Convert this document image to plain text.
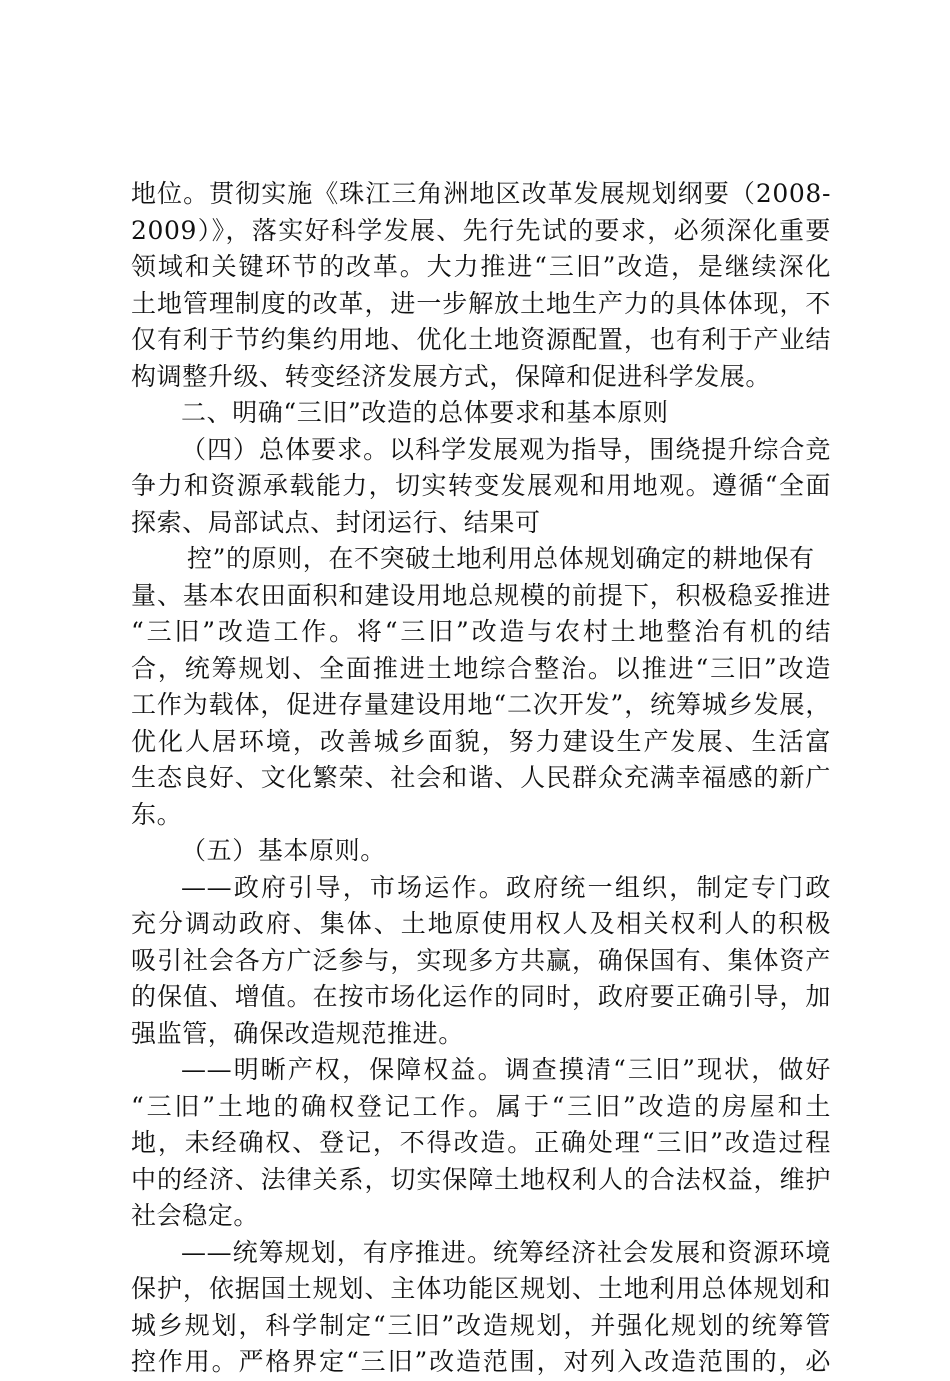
地位。贯彻实施《珠江三角洲地区改革发展规划纲要（2008-
2009）》，落实好科学发展、先行先试的要求，必须深化重要
领域和关键环节的改革。大力推进“三旧”改造，是继续深化
土地管理制度的改革，进一步解放土地生产力的具体体现，不
仅有利于节约集约用地、优化土地资源配置，也有利于产业结
构调整升级、转变经济发展方式，保障和促进科学发展。
二、明确“三旧”改造的总体要求和基本原则
（四）总体要求。以科学发展观为指导，围绕提升综合竞
争力和资源承载能力，切实转变发展观和用地观。遵循“全面
探索、局部试点、封闭运行、结果可
控”的原则，在不突破土地利用总体规划确定的耕地保有
量、基本农田面积和建设用地总规模的前提下，积极稳妥推进
“三旧”改造工作。将“三旧”改造与农村土地整治有机的结
合，统筹规划、全面推进土地综合整治。以推进“三旧”改造
工作为载体，促进存量建设用地“二次开发”，统筹城乡发展，
优化人居环境，改善城乡面貌，努力建设生产发展、生活富
生态良好、文化繁荣、社会和谐、人民群众充满幸福感的新广
东。
（五）基本原则。
——政府引导，市场运作。政府统一组织，制定专门政
充分调动政府、集体、土地原使用权人及相关权利人的积极
吸引社会各方广泛参与，实现多方共赢，确保国有、集体资产
的保值、增值。在按市场化运作的同时，政府要正确引导，加
强监管，确保改造规范推进。
——明晰产权，保障权益。调查摸清“三旧”现状，做好
“三旧”土地的确权登记工作。属于“三旧”改造的房屋和土
地，未经确权、登记，不得改造。正确处理“三旧”改造过程
中的经济、法律关系，切实保障土地权利人的合法权益，维护
社会稳定。
——统筹规划，有序推进。统筹经济社会发展和资源环境
保护，依据国土规划、主体功能区规划、土地利用总体规划和
城乡规划，科学制定“三旧”改造规划，并强化规划的统筹管
控作用。严格界定“三旧”改造范围，对列入改造范围的，必
